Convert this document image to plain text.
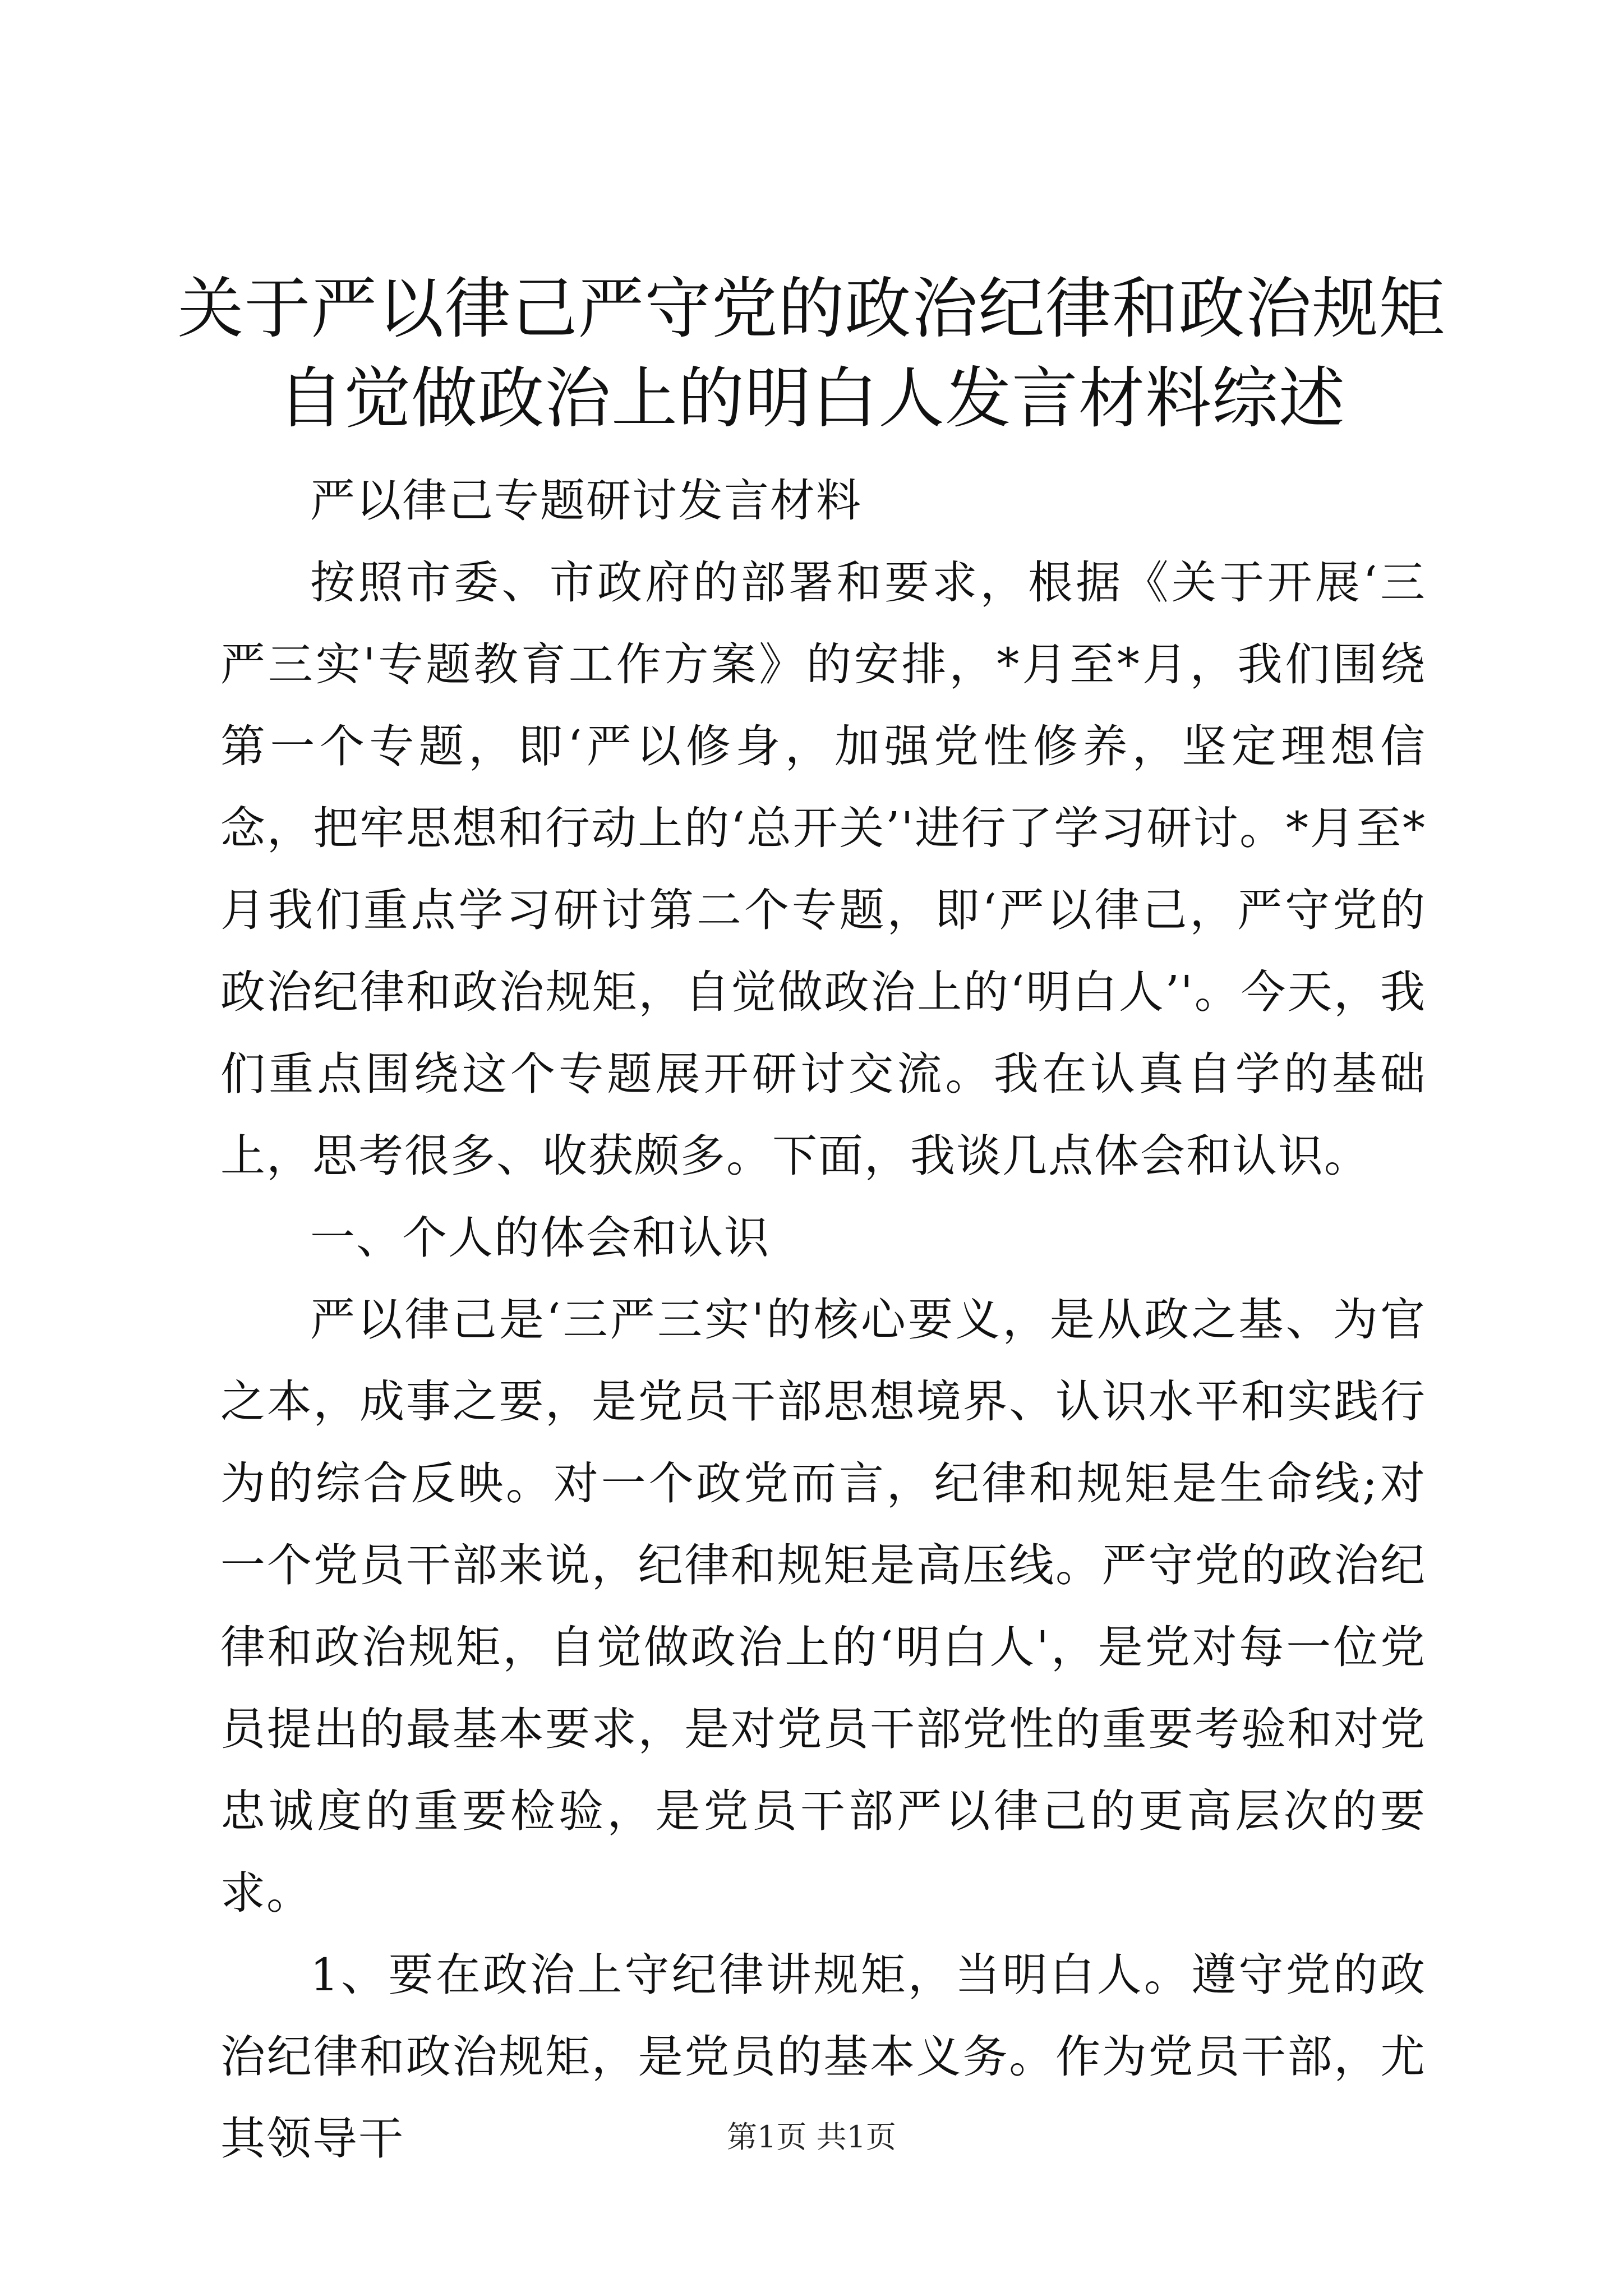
关于严以律己严守党的政治纪律和政治规矩自觉做政治上的明白人发言材料综述

严以律己专题研讨发言材料

按照市委、市政府的部署和要求，根据《关于开展‘三严三实'专题教育工作方案》的安排，*月至*月，我们围绕第一个专题，即‘严以修身，加强党性修养，坚定理想信念，把牢思想和行动上的‘总开关’'进行了学习研讨。*月至*月我们重点学习研讨第二个专题，即‘严以律己，严守党的政治纪律和政治规矩，自觉做政治上的‘明白人’'。今天，我们重点围绕这个专题展开研讨交流。我在认真自学的基础上，思考很多、收获颇多。下面，我谈几点体会和认识。

一、个人的体会和认识

严以律己是‘三严三实'的核心要义，是从政之基、为官之本，成事之要，是党员干部思想境界、认识水平和实践行为的综合反映。对一个政党而言，纪律和规矩是生命线;对一个党员干部来说，纪律和规矩是高压线。严守党的政治纪律和政治规矩，自觉做政治上的‘明白人'，是党对每一位党员提出的最基本要求，是对党员干部党性的重要考验和对党忠诚度的重要检验，是党员干部严以律己的更高层次的要求。

1、要在政治上守纪律讲规矩，当明白人。遵守党的政治纪律和政治规矩，是党员的基本义务。作为党员干部，尤其领导干	第1页 共1页
